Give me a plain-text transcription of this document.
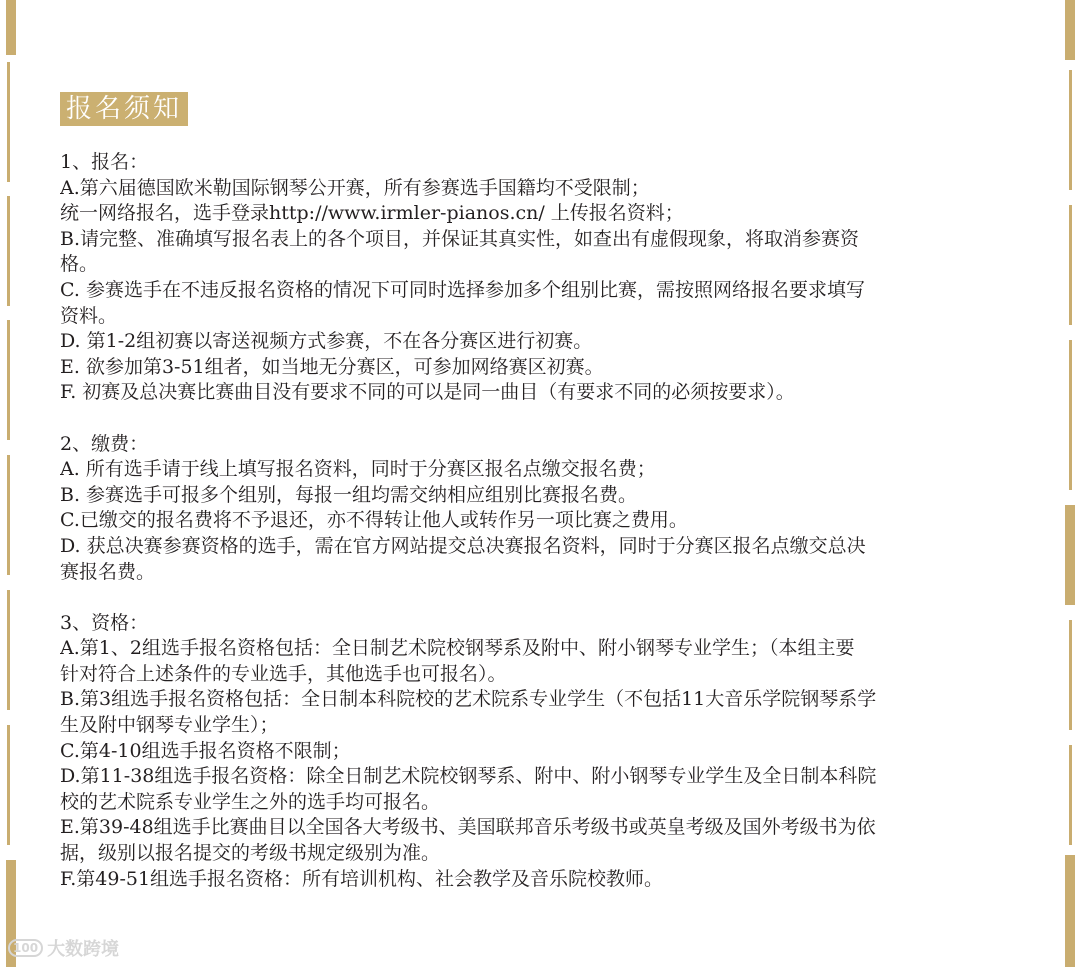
报名须知
1、报名：
A.第六届德国欧米勒国际钢琴公开赛，所有参赛选手国籍均不受限制；
统一网络报名，选手登录http://www.irmler-pianos.cn/ 上传报名资料；
B.请完整、准确填写报名表上的各个项目，并保证其真实性，如查出有虚假现象，将取消参赛资
格。
C. 参赛选手在不违反报名资格的情况下可同时选择参加多个组别比赛，需按照网络报名要求填写
资料。
D. 第1-2组初赛以寄送视频方式参赛，不在各分赛区进行初赛。
E. 欲参加第3-51组者，如当地无分赛区，可参加网络赛区初赛。
F. 初赛及总决赛比赛曲目没有要求不同的可以是同一曲目（有要求不同的必须按要求）。
2、缴费：
A. 所有选手请于线上填写报名资料，同时于分赛区报名点缴交报名费；
B. 参赛选手可报多个组别，每报一组均需交纳相应组别比赛报名费。
C.已缴交的报名费将不予退还，亦不得转让他人或转作另一项比赛之费用。
D. 获总决赛参赛资格的选手，需在官方网站提交总决赛报名资料，同时于分赛区报名点缴交总决
赛报名费。
3、资格：
A.第1、2组选手报名资格包括：全日制艺术院校钢琴系及附中、附小钢琴专业学生；（本组主要
针对符合上述条件的专业选手，其他选手也可报名）。
B.第3组选手报名资格包括：全日制本科院校的艺术院系专业学生（不包括11大音乐学院钢琴系学
生及附中钢琴专业学生）；
C.第4-10组选手报名资格不限制；
D.第11-38组选手报名资格：除全日制艺术院校钢琴系、附中、附小钢琴专业学生及全日制本科院
校的艺术院系专业学生之外的选手均可报名。
E.第39-48组选手比赛曲目以全国各大考级书、美国联邦音乐考级书或英皇考级及国外考级书为依
据，级别以报名提交的考级书规定级别为准。
F.第49-51组选手报名资格：所有培训机构、社会教学及音乐院校教师。
100 大数跨境
